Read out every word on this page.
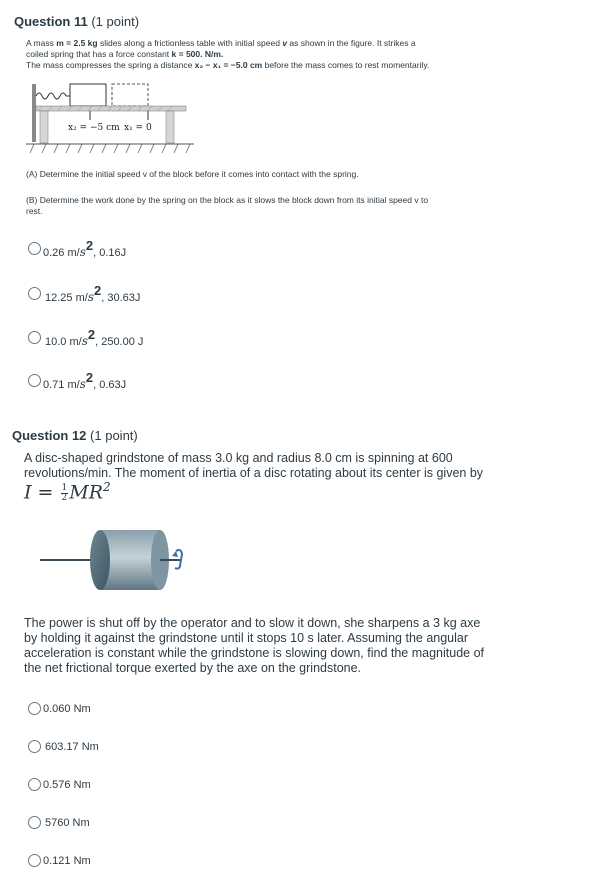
Question 11 (1 point)
A mass m = 2.5 kg slides along a frictionless table with initial speed v as shown in the figure. It strikes a
coiled spring that has a force constant k = 500. N/m.
The mass compresses the spring a distance x₂ − x₁ = −5.0 cm before the mass comes to rest momentarily.
x₂ = −5 cm x₁ = 0
(A) Determine the initial speed v of the block before it comes into contact with the spring.
(B) Determine the work done by the spring on the block as it slows the block down from its initial speed v to
rest.
0.26 $m/s^2$, 0.16J
12.25 $m/s^2$, 30.63J
10.0 $m/s^2$, 250.00 J
0.71 $m/s^2$, 0.63J
Question 12 (1 point)
A disc-shaped grindstone of mass 3.0 kg and radius 8.0 cm is spinning at 600
revolutions/min. The moment of inertia of a disc rotating about its center is given by
$I = \frac{1}{2} MR^2$
The power is shut off by the operator and to slow it down, she sharpens a 3 kg axe
by holding it against the grindstone until it stops 10 s later. Assuming the angular
acceleration is constant while the grindstone is slowing down, find the magnitude of
the net frictional torque exerted by the axe on the grindstone.
0.060 Nm
603.17 Nm
0.576 Nm
5760 Nm
0.121 Nm
